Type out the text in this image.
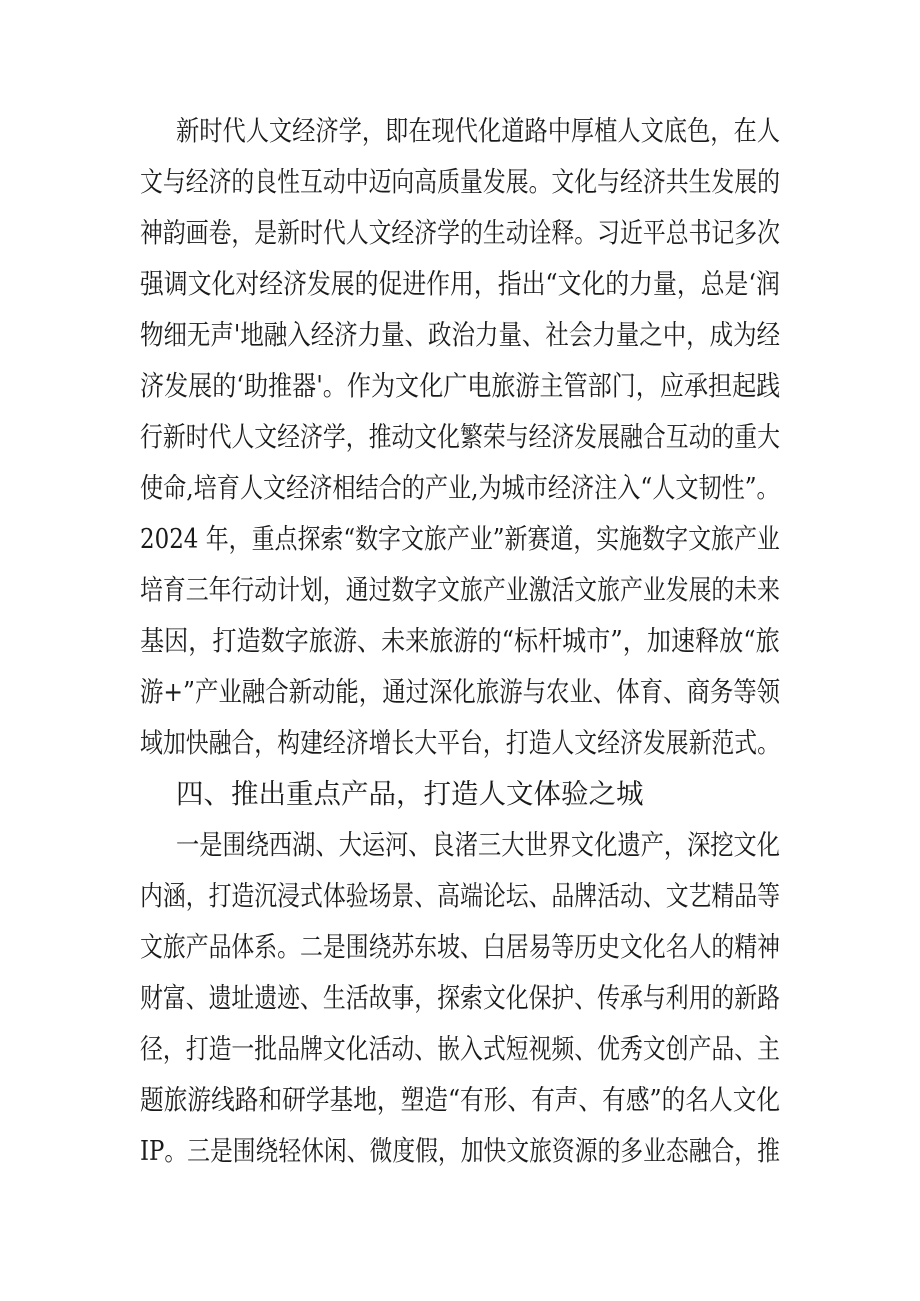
新时代人文经济学，即在现代化道路中厚植人文底色，在人
文与经济的良性互动中迈向高质量发展。文化与经济共生发展的
神韵画卷，是新时代人文经济学的生动诠释。习近平总书记多次
强调文化对经济发展的促进作用，指出“文化的力量，总是‘润
物细无声'地融入经济力量、政治力量、社会力量之中，成为经
济发展的‘助推器'。作为文化广电旅游主管部门，应承担起践
行新时代人文经济学，推动文化繁荣与经济发展融合互动的重大
使命,培育人文经济相结合的产业,为城市经济注入“人文韧性”。
2024 年，重点探索“数字文旅产业”新赛道，实施数字文旅产业
培育三年行动计划，通过数字文旅产业激活文旅产业发展的未来
基因，打造数字旅游、未来旅游的“标杆城市”，加速释放“旅
游+”产业融合新动能，通过深化旅游与农业、体育、商务等领
域加快融合，构建经济增长大平台，打造人文经济发展新范式。
四、推出重点产品，打造人文体验之城
一是围绕西湖、大运河、良渚三大世界文化遗产，深挖文化
内涵，打造沉浸式体验场景、高端论坛、品牌活动、文艺精品等
文旅产品体系。二是围绕苏东坡、白居易等历史文化名人的精神
财富、遗址遗迹、生活故事，探索文化保护、传承与利用的新路
径，打造一批品牌文化活动、嵌入式短视频、优秀文创产品、主
题旅游线路和研学基地，塑造“有形、有声、有感”的名人文化
IP。三是围绕轻休闲、微度假，加快文旅资源的多业态融合，推
